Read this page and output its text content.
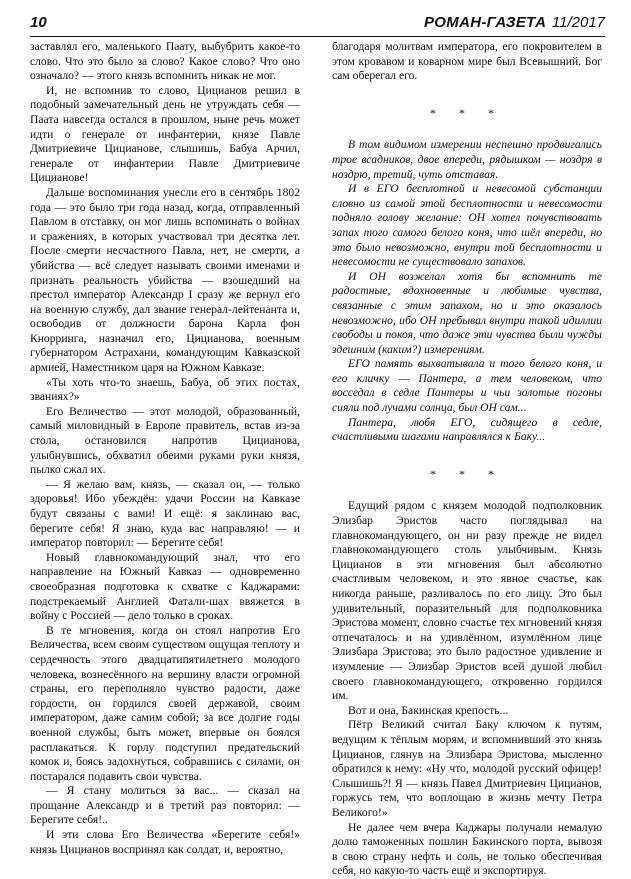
10	РОМАН-ГАЗЕТА 11/2017

заставлял его, маленького Паату, выбубрить какое-то слово. Что это было за слово? Какое слово? Что оно означало? — этого князь вспомнить никак не мог.

И, не вспомнив то слово, Цицианов решил в подобный замечательный день не утруждать себя — Паата навсегда остался в прошлом, ныне речь может идти о генерале от инфантерии, князе Павле Дмитриевиче Цицианове, слышишь, Бабуа Арчил, генерале от инфантерии Павле Дмитриевиче Цицианове!

Дальше воспоминания унесли его в сентябрь 1802 года — это было три года назад, когда, отправленный Павлом в отставку, он мог лишь вспоминать о войнах и сражениях, в которых участвовал три десятка лет. После смерти несчастного Павла, нет, не смерти, а убийства — всё следует называть своими именами и признать реальность убийства — взошедший на престол император Александр I сразу же вернул его на военную службу, дал звание генерал-лейтенанта и, освободив от должности барона Карла фон Кнорринга, назначил его, Цицианова, военным губернатором Астрахани, командующим Кавказской армией, Наместником царя на Южном Кавказе.

«Ты хоть что-то знаешь, Бабуа, об этих постах, званиях?»

Его Величество — этот молодой, образованный, самый миловидный в Европе правитель, встав из-за стола, остановился напротив Цицианова, улыбнувшись, обхватил обеими руками руки князя, пылко сжал их.

— Я желаю вам, князь, — сказал он, — только здоровья! Ибо убеждён: удачи России на Кавказе будут связаны с вами! И ещё: я заклинаю вас, берегите себя! Я знаю, куда вас направляю! — и император повторил: — Берегите себя!

Новый главнокомандующий знал, что его направление на Южный Кавказ — одновременно своеобразная подготовка к схватке с Каджарами: подстрекаемый Англией Фатали-шах ввяжется в войну с Россией — дело только в сроках.

В те мгновения, когда он стоял напротив Его Величества, всем своим существом ощущая теплоту и сердечность этого двадцатипятилетнего молодого человека, вознесённого на вершину власти огромной страны, его переполняло чувство радости, даже гордости, он гордился своей державой, своим императором, даже самим собой; за все долгие годы военной службы, быть может, впервые он боялся расплакаться. К горлу подступил предательский комок и, боясь задохнуться, собравшись с силами, он постарался подавить свои чувства.

— Я стану молиться за вас... — сказал на прощание Александр и в третий раз повторил: — Берегите себя!..

И эти слова Его Величества «Берегите себя!» князь Цицианов воспринял как солдат, и, вероятно,

благодаря молитвам императора, его покровителем в этом кровавом и коварном мире был Всевышний. Бог сам оберегал его.

* * *

В том видимом измерении неспешно продвигались трое всадников, двое впереди, рядышком — ноздря в ноздрю, третий, чуть отставая.

И в ЕГО бесплотной и невесомой субстанции словно из самой этой бесплотности и невесомости подняло голову желание: ОН хотел почувствовать запах того самого белого коня, что шёл впереди, но это было невозможно, внутри той бесплотности и невесомости не существовало запахов.

И ОН возжелал хотя бы вспомнить те радостные, вдохновенные и любимые чувства, связанные с этим запахом, но и это оказалось невозможно, ибо ОН пребывал внутри такой идиллии свободы и покоя, что даже эти чувства были чужды здешним (каким?) измерениям.

ЕГО память выхватывала и того белого коня, и его кличку — Пантера, а тем человеком, что восседал в седле Пантеры и чьи золотые погоны сияли под лучами солнца, был ОН сам...

Пантера, любя ЕГО, сидящего в седле, счастливыми шагами направлялся к Баку...

* * *

Едущий рядом с князем молодой подполковник Элизбар Эристов часто поглядывал на главнокомандующего, он ни разу прежде не видел главнокомандующего столь улыбчивым. Князь Цицианов в эти мгновения был абсолютно счастливым человеком, и это явное счастье, как никогда раньше, разливалось по его лицу. Это был удивительный, поразительный для подполковника Эристова момент, словно счастье тех мгновений князя отпечаталось и на удивлённом, изумлённом лице Элизбара Эристова; это было радостное удивление и изумление — Элизбар Эристов всей душой любил своего главнокомандующего, откровенно гордился им.

Вот и она, Бакинская крепость...

Пётр Великий считал Баку ключом к путям, ведущим к тёплым морям, и вспомнивший это князь Цицианов, глянув на Элизбара Эристова, мысленно обратился к нему: «Ну что, молодой русский офицер! Слышишь?! Я — князь Павел Дмитриевич Цицианов, горжусь тем, что воплощаю в жизнь мечту Петра Великого!»

Не далее чем вчера Каджары получали немалую долю таможенных пошлин Бакинского порта, вывозя в свою страну нефть и соль, не только обеспечивая себя, но какую-то часть ещё и экспортируя.
